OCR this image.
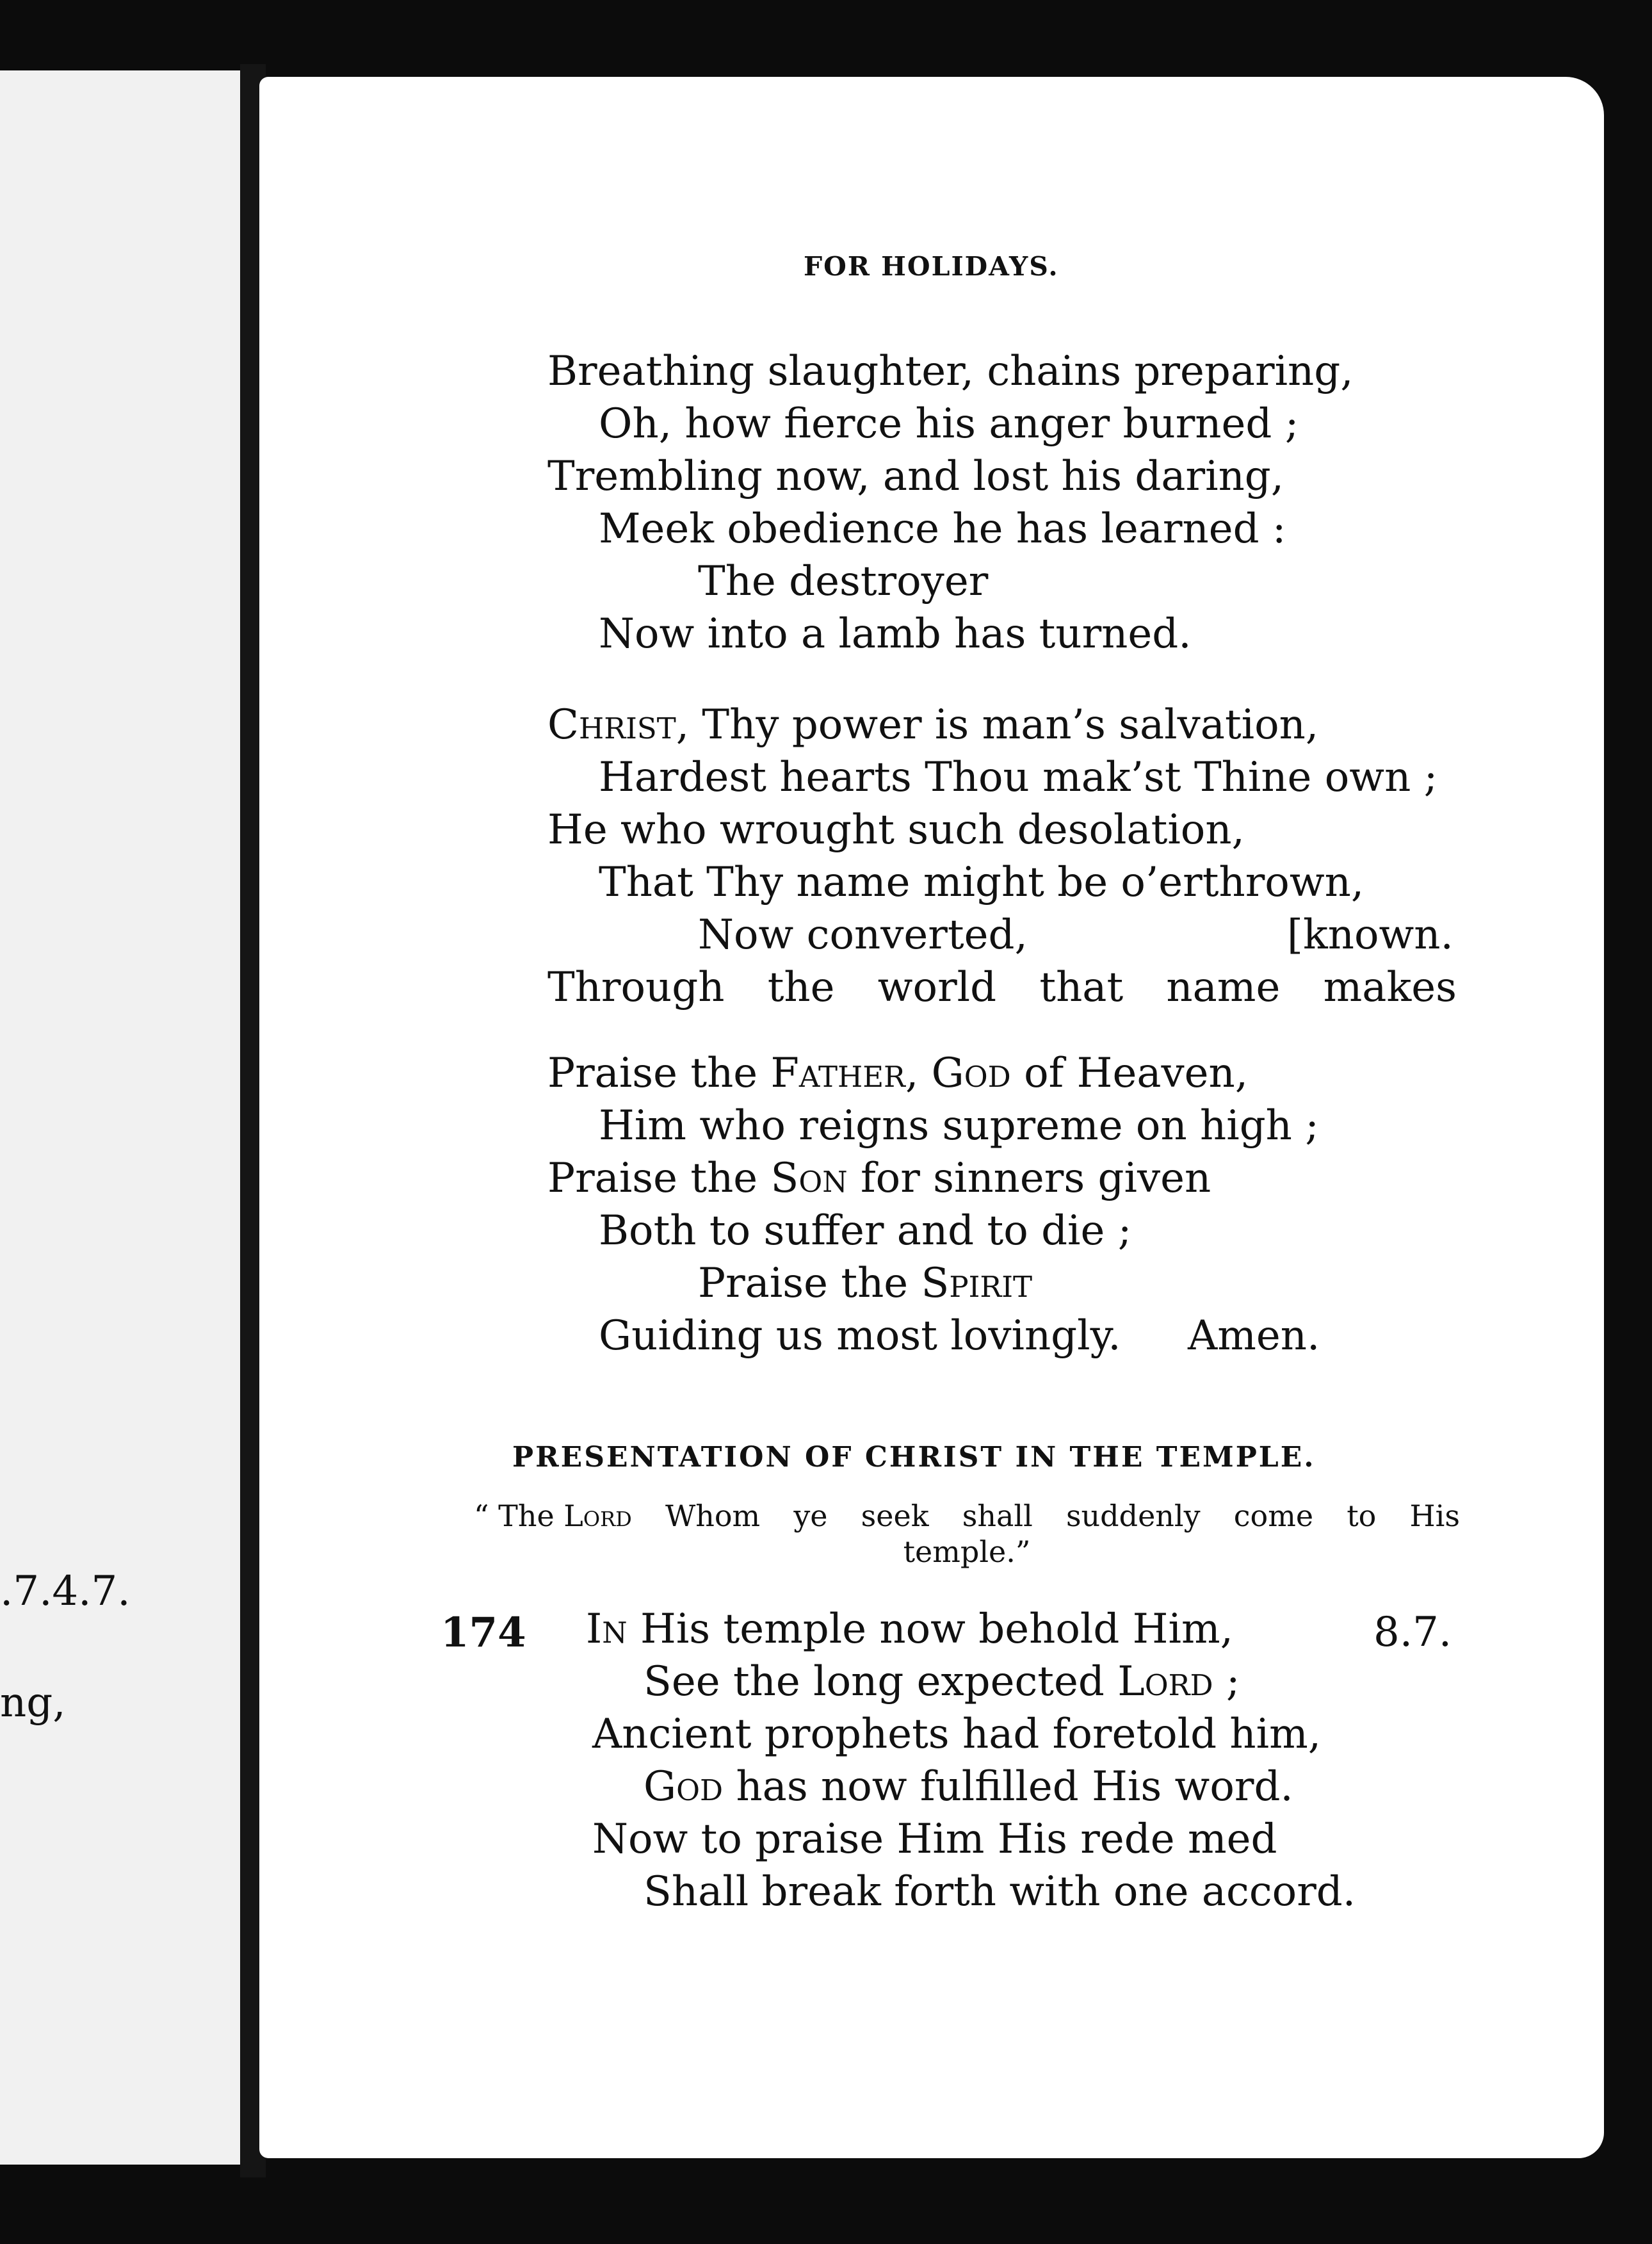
.7.4.7.
ng,
FOR HOLIDAYS.
Breathing slaughter, chains preparing,
Oh, how fierce his anger burned ;
Trembling now, and lost his daring,
Meek obedience he has learned :
The destroyer
Now into a lamb has turned.
Christ, Thy power is man’s salvation,
Hardest hearts Thou mak’st Thine own ;
He who wrought such desolation,
That Thy name might be o’erthrown,
Now converted,	[known.
Through the world that name makes
Praise the Father, God of Heaven,
Him who reigns supreme on high ;
Praise the Son for sinners given
Both to suffer and to die ;
Praise the Spirit
Guiding us most lovingly. Amen.
PRESENTATION OF CHRIST IN THE TEMPLE.
“ The Lord Whom ye seek shall suddenly come to His
temple.”
174	8.7.
In His temple now behold Him,
See the long expected Lord ;
Ancient prophets had foretold him,
God has now fulfilled His word.
Now to praise Him His rede med
Shall break forth with one accord.
